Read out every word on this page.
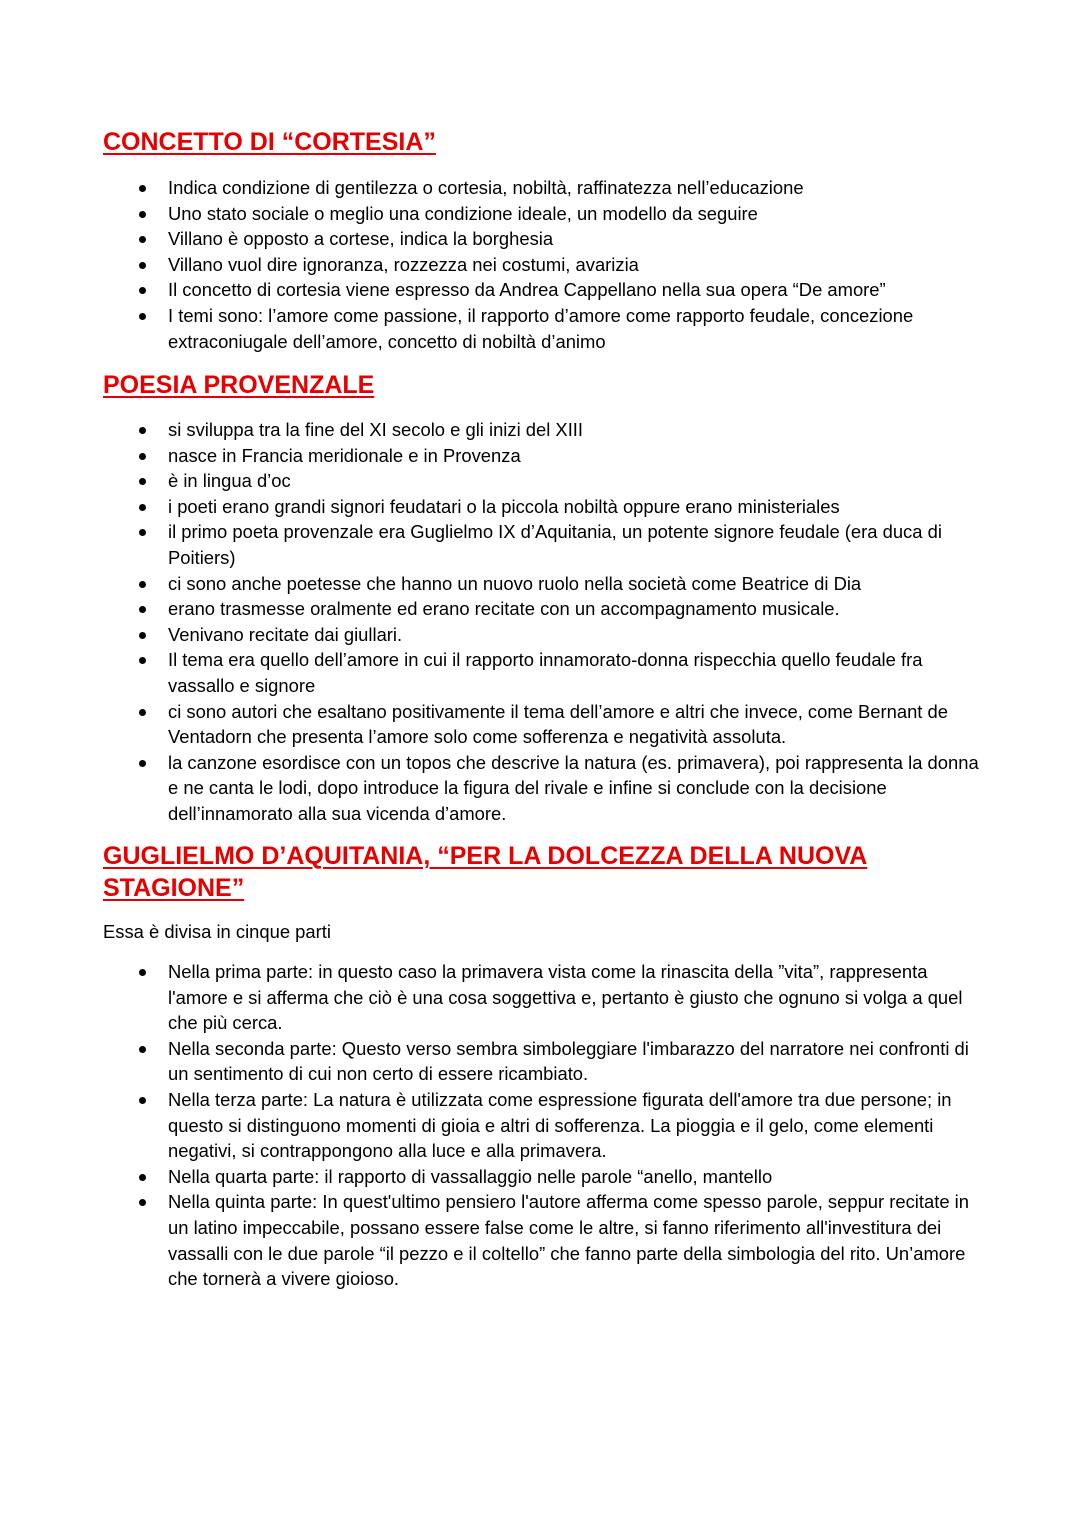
CONCETTO DI “CORTESIA”
Indica condizione di gentilezza o cortesia, nobiltà, raffinatezza nell’educazione
Uno stato sociale o meglio una condizione ideale, un modello da seguire
Villano è opposto a cortese, indica la borghesia
Villano vuol dire ignoranza, rozzezza nei costumi, avarizia
Il concetto di cortesia viene espresso da Andrea Cappellano nella sua opera “De amore”
I temi sono: l’amore come passione, il rapporto d’amore come rapporto feudale, concezione extraconiugale dell’amore, concetto di nobiltà d’animo
POESIA PROVENZALE
si sviluppa tra la fine del XI secolo e gli inizi del XIII
nasce in Francia meridionale e in Provenza
è in lingua d’oc
i poeti erano grandi signori feudatari o la piccola nobiltà oppure erano ministeriales
il primo poeta provenzale era Guglielmo IX d’Aquitania, un potente signore feudale (era duca di Poitiers)
ci sono anche poetesse che hanno un nuovo ruolo nella società come Beatrice di Dia
erano trasmesse oralmente ed erano recitate con un accompagnamento musicale.
Venivano recitate dai giullari.
Il tema era quello dell’amore in cui il rapporto innamorato-donna rispecchia quello feudale fra vassallo e signore
ci sono autori che esaltano positivamente il tema dell’amore e altri che invece, come Bernant de Ventadorn che presenta l’amore solo come sofferenza e negatività assoluta.
la canzone esordisce con un topos che descrive la natura (es. primavera), poi rappresenta la donna e ne canta le lodi, dopo introduce la figura del rivale e infine si conclude con la decisione dell’innamorato alla sua vicenda d’amore.
GUGLIELMO D’AQUITANIA, “PER LA DOLCEZZA DELLA NUOVA STAGIONE”

Essa è divisa in cinque parti

Nella prima parte: in questo caso la primavera vista come la rinascita della ”vita”, rappresenta l'amore e si afferma che ciò è una cosa soggettiva e, pertanto è giusto che ognuno si volga a quel che più cerca.
Nella seconda parte: Questo verso sembra simboleggiare l'imbarazzo del narratore nei confronti di un sentimento di cui non certo di essere ricambiato.
Nella terza parte: La natura è utilizzata come espressione figurata dell'amore tra due persone; in questo si distinguono momenti di gioia e altri di sofferenza. La pioggia e il gelo, come elementi negativi, si contrappongono alla luce e alla primavera.
Nella quarta parte: il rapporto di vassallaggio nelle parole “anello, mantello
Nella quinta parte: In quest'ultimo pensiero l'autore afferma come spesso parole, seppur recitate in un latino impeccabile, possano essere false come le altre, si fanno riferimento all'investitura dei vassalli con le due parole “il pezzo e il coltello” che fanno parte della simbologia del rito. Un’amore che tornerà a vivere gioioso.
